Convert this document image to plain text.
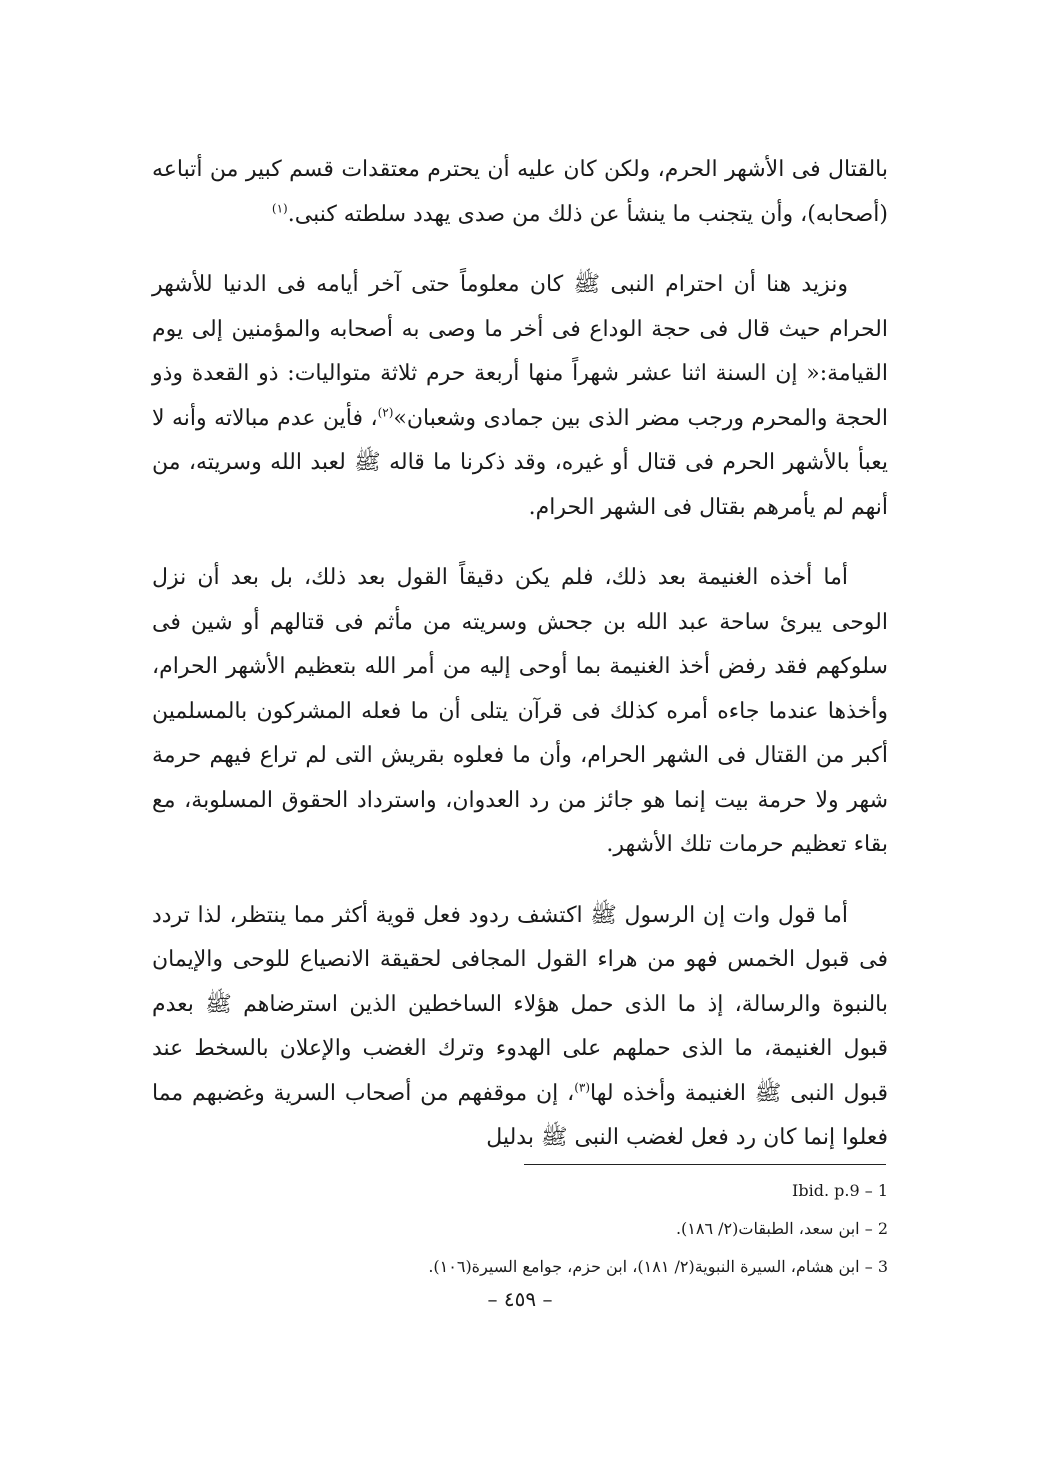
بالقتال فى الأشهر الحرم، ولكن كان عليه أن يحترم معتقدات قسم كبير من أتباعه (أصحابه)، وأن يتجنب ما ينشأ عن ذلك من صدى يهدد سلطته كنبى.$^{(١)}$

ونزيد هنا أن احترام النبى ﷺ كان معلوماً حتى آخر أيامه فى الدنيا للأشهر الحرام حيث قال فى حجة الوداع فى أخر ما وصى به أصحابه والمؤمنين إلى يوم القيامة:« إن السنة اثنا عشر شهراً منها أربعة حرم ثلاثة متواليات: ذو القعدة وذو الحجة والمحرم ورجب مضر الذى بين جمادى وشعبان»$^{(٢)}$، فأين عدم مبالاته وأنه لا يعبأ بالأشهر الحرم فى قتال أو غيره، وقد ذكرنا ما قاله ﷺ لعبد الله وسريته، من أنهم لم يأمرهم بقتال فى الشهر الحرام.

أما أخذه الغنيمة بعد ذلك، فلم يكن دقيقاً القول بعد ذلك، بل بعد أن نزل الوحى يبرئ ساحة عبد الله بن جحش وسريته من مأثم فى قتالهم أو شين فى سلوكهم فقد رفض أخذ الغنيمة بما أوحى إليه من أمر الله بتعظيم الأشهر الحرام، وأخذها عندما جاءه أمره كذلك فى قرآن يتلى أن ما فعله المشركون بالمسلمين أكبر من القتال فى الشهر الحرام، وأن ما فعلوه بقريش التى لم تراع فيهم حرمة شهر ولا حرمة بيت إنما هو جائز من رد العدوان، واسترداد الحقوق المسلوبة، مع بقاء تعظيم حرمات تلك الأشهر.

أما قول وات إن الرسول ﷺ اكتشف ردود فعل قوية أكثر مما ينتظر، لذا تردد فى قبول الخمس فهو من هراء القول المجافى لحقيقة الانصياع للوحى والإيمان بالنبوة والرسالة، إذ ما الذى حمل هؤلاء الساخطين الذين استرضاهم ﷺ بعدم قبول الغنيمة، ما الذى حملهم على الهدوء وترك الغضب والإعلان بالسخط عند قبول النبى ﷺ الغنيمة وأخذه لها$^{(٣)}$، إن موقفهم من أصحاب السرية وغضبهم مما فعلوا إنما كان رد فعل لغضب النبى ﷺ بدليل

1 – Ibid. p.9
2 – ابن سعد، الطبقات(٢/ ١٨٦).
3 – ابن هشام، السيرة النبوية(٢/ ١٨١)، ابن حزم، جوامع السيرة(١٠٦).
– ٤٥٩ –
